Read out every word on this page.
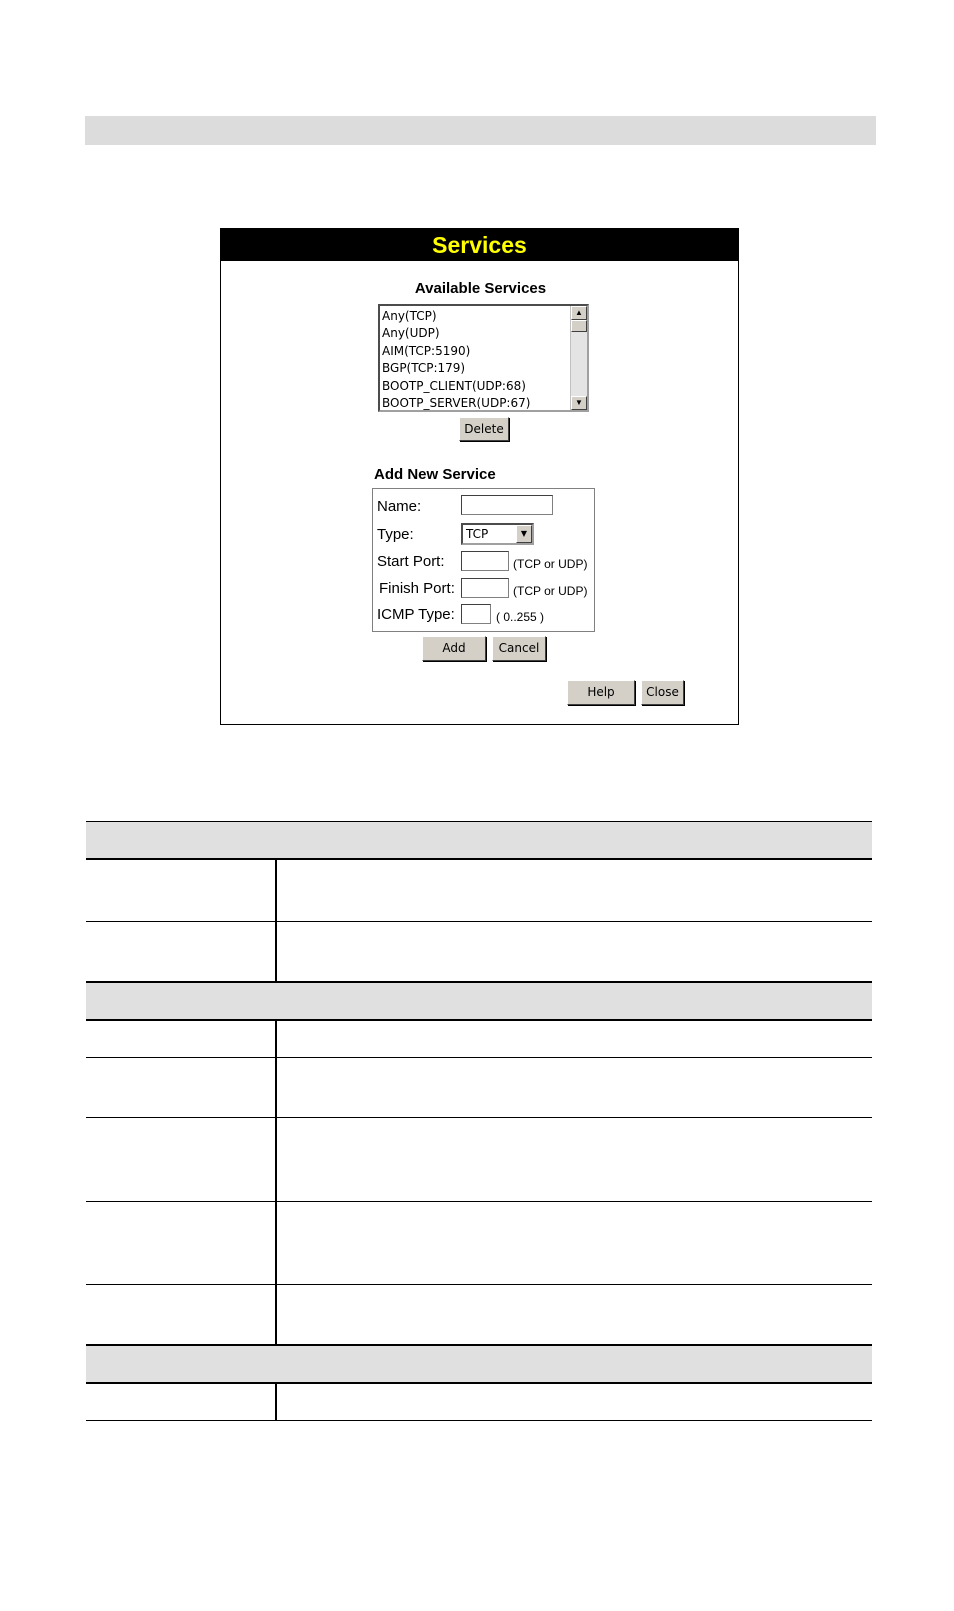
Services
Available Services
Any(TCP)
Any(UDP)
AIM(TCP:5190)
BGP(TCP:179)
BOOTP_CLIENT(UDP:68)
BOOTP_SERVER(UDP:67)
▲
▼
Delete
Add New Service
Name:
Type:	TCP	▼
Start Port:	(TCP or UDP)
Finish Port:	(TCP or UDP)
ICMP Type:	( 0..255 )
Add	Cancel
Help	Close
